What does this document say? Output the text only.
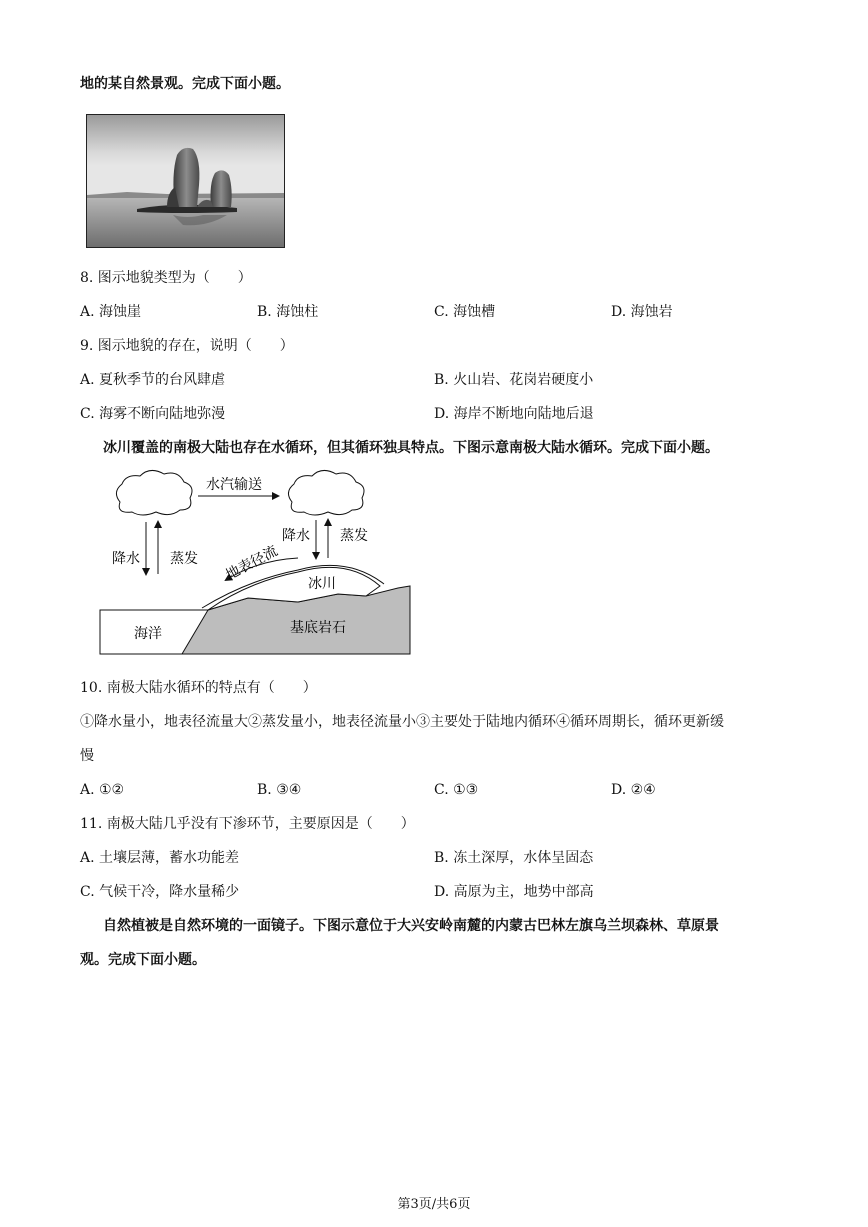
地的某自然景观。完成下面小题。
8. 图示地貌类型为（　　）
A. 海蚀崖	B. 海蚀柱	C. 海蚀槽	D. 海蚀岩
9. 图示地貌的存在，说明（　　）
A. 夏秋季节的台风肆虐	B. 火山岩、花岗岩硬度小
C. 海雾不断向陆地弥漫	D. 海岸不断地向陆地后退
冰川覆盖的南极大陆也存在水循环，但其循环独具特点。下图示意南极大陆水循环。完成下面小题。
水汽输送
降水 蒸发
降水 蒸发
地表径流
海洋	基底岩石
冰川
10. 南极大陆水循环的特点有（　　）
①降水量小，地表径流量大②蒸发量小，地表径流量小③主要处于陆地内循环④循环周期长，循环更新缓
慢
A. ①②	B. ③④	C. ①③	D. ②④
11. 南极大陆几乎没有下渗环节，主要原因是（　　）
A. 土壤层薄，蓄水功能差	B. 冻土深厚，水体呈固态
C. 气候干冷，降水量稀少	D. 高原为主，地势中部高
自然植被是自然环境的一面镜子。下图示意位于大兴安岭南麓的内蒙古巴林左旗乌兰坝森林、草原景
观。完成下面小题。
第3页/共6页
